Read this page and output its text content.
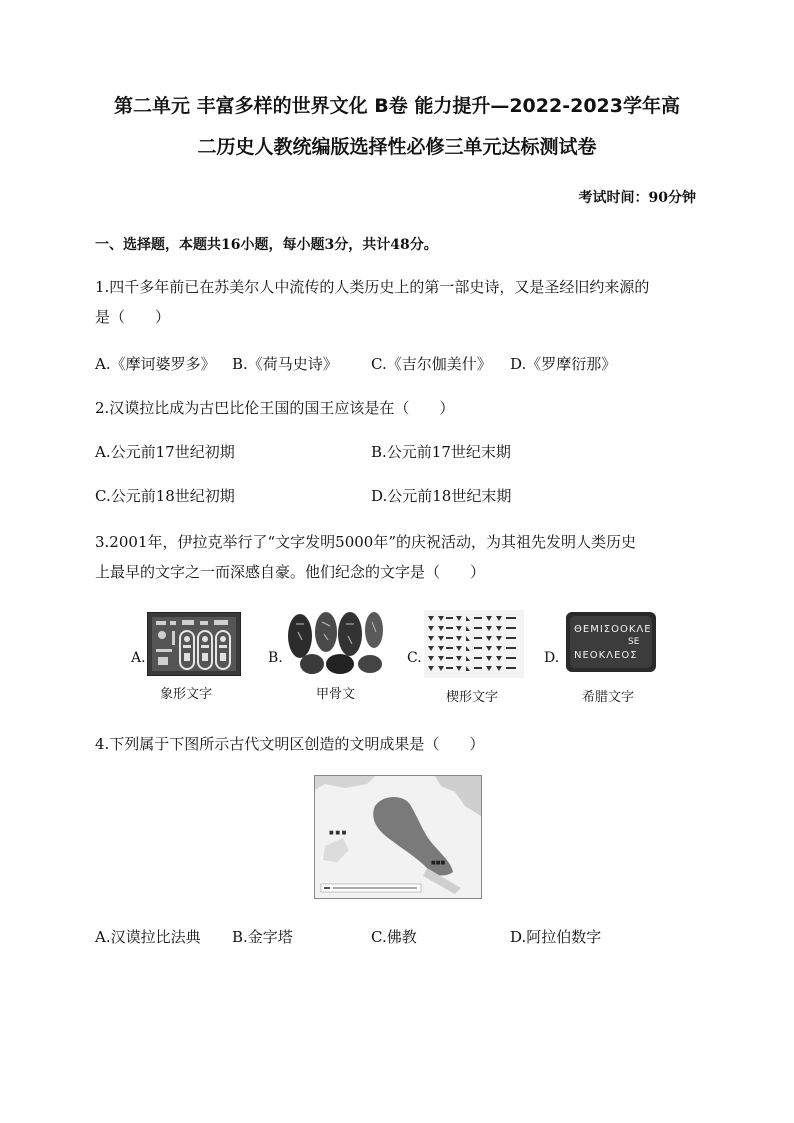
第二单元 丰富多样的世界文化 B卷 能力提升—2022-2023学年高
二历史人教统编版选择性必修三单元达标测试卷
考试时间：90分钟
一、选择题，本题共16小题，每小题3分，共计48分。
1.四千多年前已在苏美尔人中流传的人类历史上的第一部史诗，又是圣经旧约来源的
是（　　）
A.《摩诃婆罗多》 B.《荷马史诗》 C.《吉尔伽美什》 D.《罗摩衍那》
2.汉谟拉比成为古巴比伦王国的国王应该是在（　　）
A.公元前17世纪初期	B.公元前17世纪末期
C.公元前18世纪初期	D.公元前18世纪末期
3.2001年，伊拉克举行了“文字发明5000年”的庆祝活动，为其祖先发明人类历史
上最早的文字之一而深感自豪。他们纪念的文字是（　　）
A.
象形文字
B.
甲骨文
C.
楔形文字
D.
ΘEMIΣOOKΛE
SE
NEOKΛEOΣ
希腊文字
4.下列属于下图所示古代文明区创造的文明成果是（　　）
■ ■ ■
■■■
A.汉谟拉比法典 B.金字塔	C.佛教	D.阿拉伯数字
